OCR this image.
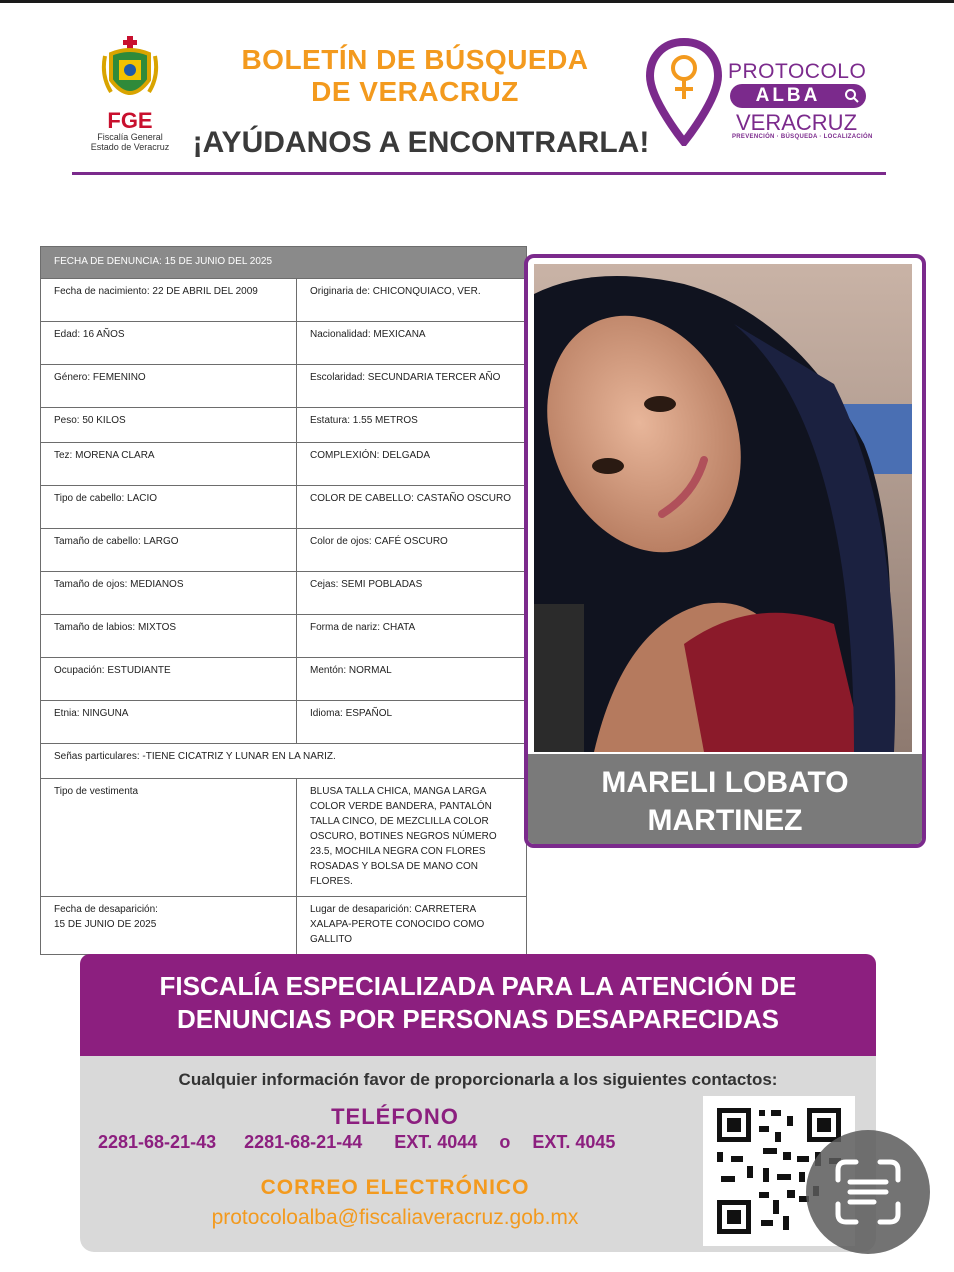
FGE
Fiscalía General
Estado de Veracruz
BOLETÍN DE BÚSQUEDA
DE VERACRUZ
¡AYÚDANOS A ENCONTRARLA!
PROTOCOLO
ALBA
VERACRUZ
PREVENCIÓN · BÚSQUEDA · LOCALIZACIÓN
FECHA DE DENUNCIA: 15 DE JUNIO DEL 2025	
Fecha de nacimiento: 22 DE ABRIL DEL 2009	Originaria de: CHICONQUIACO, VER.
Edad: 16 AÑOS	Nacionalidad: MEXICANA
Género: FEMENINO	Escolaridad: SECUNDARIA TERCER AÑO
Peso: 50 KILOS	Estatura: 1.55 METROS
Tez: MORENA CLARA	COMPLEXIÓN: DELGADA
Tipo de cabello: LACIO	COLOR DE CABELLO: CASTAÑO OSCURO
Tamaño de cabello: LARGO	Color de ojos: CAFÉ OSCURO
Tamaño de ojos: MEDIANOS	Cejas: SEMI POBLADAS
Tamaño de labios: MIXTOS	Forma de nariz: CHATA
Ocupación: ESTUDIANTE	Mentón: NORMAL
Etnia: NINGUNA	Idioma: ESPAÑOL
Señas particulares: -TIENE CICATRIZ Y LUNAR EN LA NARIZ.	
Tipo de vestimenta	BLUSA TALLA CHICA, MANGA LARGA COLOR VERDE BANDERA, PANTALÓN TALLA CINCO, DE MEZCLILLA COLOR OSCURO, BOTINES NEGROS NÚMERO 23.5, MOCHILA NEGRA CON FLORES ROSADAS Y BOLSA DE MANO CON FLORES.

Fecha de desaparición:
15 DE JUNIO DE 2025	Lugar de desaparición: CARRETERA XALAPA-PEROTE CONOCIDO COMO GALLITO
MARELI LOBATO
MARTINEZ
FISCALÍA ESPECIALIZADA PARA LA ATENCIÓN DE
DENUNCIAS POR PERSONAS DESAPARECIDAS
Cualquier información favor de proporcionarla a los siguientes contactos:
TELÉFONO
2281-68-21-43 2281-68-21-44 EXT. 4044 o EXT. 4045
CORREO ELECTRÓNICO
protocoloalba@fiscaliaveracruz.gob.mx
